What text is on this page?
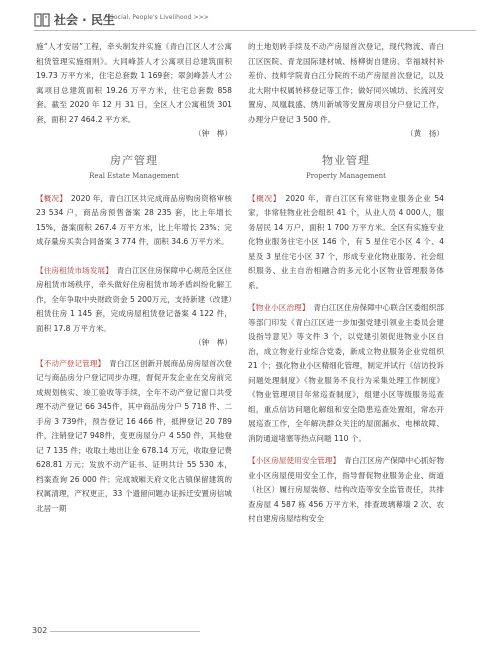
社会 · 民生
Social, People's Livelihood >>>

施“人才安居”工程，牵头制发并实施《青白江区人才公寓租赁管理实施细则》。大同峰荟人才公寓项目总建筑面积 19.73 万平方米，住宅总套数 1 169套；翠剑峰荟人才公寓项目总建筑面积 19.26 万平方米，住宅总套数 858 套。截至 2020 年 12 月 31 日，全区人才公寓租赁 301 套，面积 27 464.2 平方米。

（钟　桦）
房产管理
Real Estate Management

【概况】　2020 年，青白江区共完成商品房购房资格审核 23 534 户，商品房预售备案 28 235 套，比上年增长 15%，备案面积 267.4 万平方米，比上年增长 23%；完成存量房买卖合同备案 3 774 件，面积 34.6 万平方米。

【住房租赁市场发展】　青白江区住房保障中心规范全区住房租赁市场秩序，牵头做好住房租赁市场矛盾纠纷化解工作，全年争取中央财政资金 5 200万元，支持新建（改建）租赁住房 1 145 套，完成房屋租赁登记备案 4 122 件，面积 17.8 万平方米。

（钟　桦）

【不动产登记管理】　青白江区创新开展商品房房屋首次登记与商品房分户登记同步办理，督促开发企业在交房前完成规划核实、竣工验收等手续，全年不动产登记窗口共受理不动产登记 66 345件，其中商品房分户 5 718 件、二手房 3 739件，预告登记 16 466 件，抵押登记 20 789 件，注销登记7 948件，变更房屋分户 4 550 件，其他登记 7 135 件；收取土地出让金 678.14 万元，收取登记费 628.81 万元；发放不动产证书、证明共计 55 530 本，档案查询 26 000 件；完成城厢天府文化古镇保留建筑的权属清理，产权更正，33 个遗留问题办证拆迁安置房信城北居一期

的土地划转手续及不动产房屋首次登记，现代物流、青白江区医院、青龙国际建材城、杨柳街自建房、幸福城村补差价、技师学院青白江分院的不动产房屋首次登记，以及北大附中权属转移登记等工作；做好同兴城坊、长流河安置房、凤凰载盛、绣川新城等安置房项目分户登记工作，办理分户登记 3 500 件。

（黄　扬）
物业管理
Property Management

【概况】　2020 年，青白江区有常驻物业服务企业 54 家，非常驻物业社会组织 41 个，从业人员 4 000人，服务居民 14 万户，面积 1 700 万平方米。全区有实施专业化物业服务住宅小区 146 个，有 5 星住宅小区 4 个、4 星及 3 星住宅小区 37 个，形成专业化物业服务、社会组织服务、业主自治相融合的多元化小区物业管理服务体系。

【物业小区治理】　青白江区住房保障中心联合区委组织部等部门印发《青白江区进一步加强党建引领业主委员会建设指导意见》等文件 3 个，以党建引领促进物业小区自治，成立物业行业综合党委，新成立物业服务企业党组织 21 个；强化物业小区精细化管理，制定并试行《信访投诉问题处理制度》《物业服务不良行为采集处理工作制度》《物业管理项目年常巡查制度》，组建小区等级服务巡查组，重点信访问题化解组和安全隐患巡查处置组，常态开展巡查工作，全年解决群众关注的屋面漏水、电梯故障、消防通道堵塞等热点问题 110 个。

【小区房屋使用安全管理】　青白江区房产保障中心抓好物业小区房屋使用安全工作，指导督促物业服务企业、街道（社区）履行房屋装修、结构改造等安全监管责任，共排查房屋 4 587 栋 456 万平方米，排查玻璃幕墙 2 次、农村自建房房屋结构安全

302
